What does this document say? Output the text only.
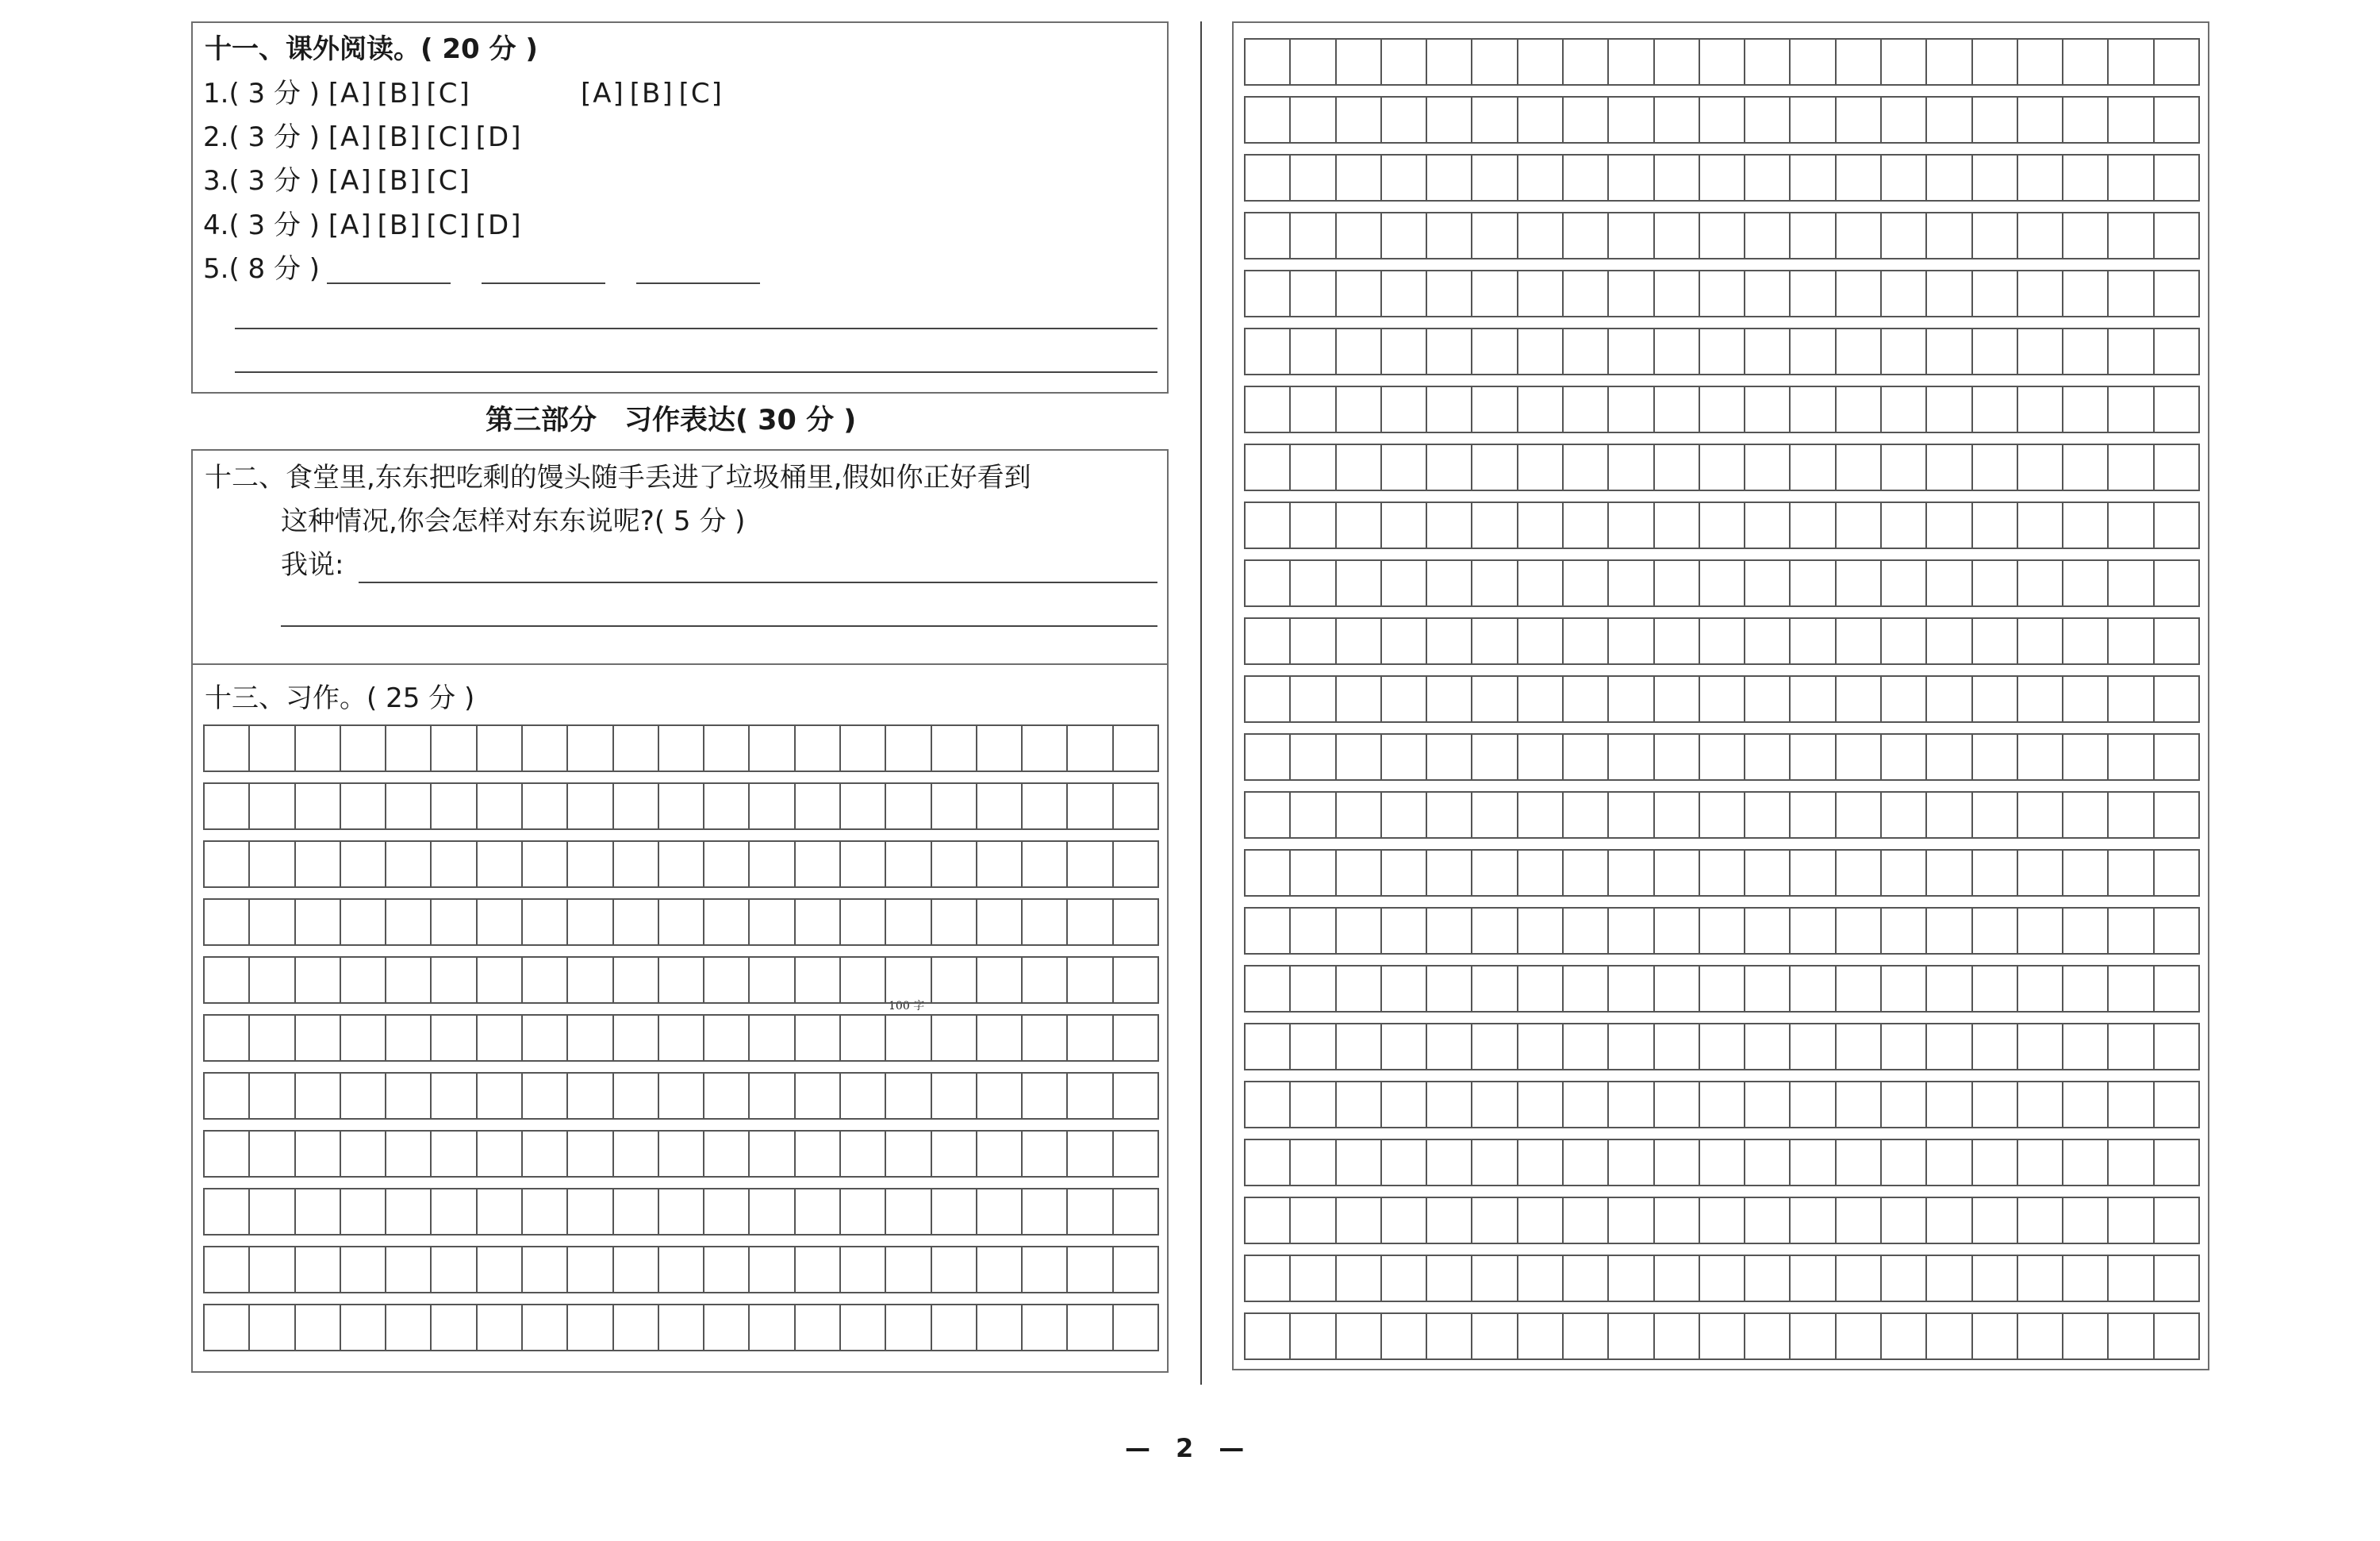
十一、课外阅读。( 20 分 )
1.( 3 分 ) [A] [B] [C]	[A] [B] [C]
2.( 3 分 ) [A] [B] [C] [D]
3.( 3 分 ) [A] [B] [C]
4.( 3 分 ) [A] [B] [C] [D]
5.( 8 分 )
第三部分　习作表达( 30 分 )
十二、食堂里,东东把吃剩的馒头随手丢进了垃圾桶里,假如你正好看到
这种情况,你会怎样对东东说呢?( 5 分 )
我说:
十三、习作。( 25 分 )
100 字
—　2　—
